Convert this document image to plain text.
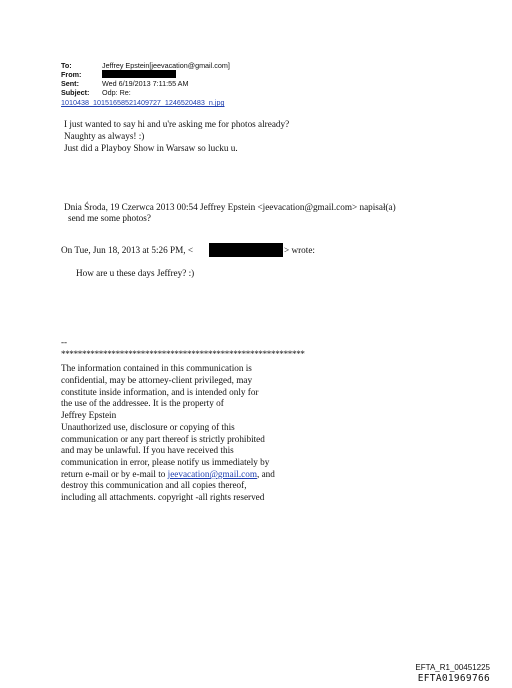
To:	Jeffrey Epstein[jeevacation@gmail.com]
From:
Sent:	Wed 6/19/2013 7:11:55 AM
Subject: Odp: Re:
1010438_10151658521409727_1246520483_n.jpg
I just wanted to say hi and u're asking me for photos already?
Naughty as always! :)
Just did a Playboy Show in Warsaw so lucku u.
Dnia Środa, 19 Czerwca 2013 00:54 Jeffrey Epstein <jeevacation@gmail.com> napisał(a)
send me some photos?
On Tue, Jun 18, 2013 at 5:26 PM, <	> wrote:
How are u these days Jeffrey? :)
--
**********************************************************
The information contained in this communication is
confidential, may be attorney-client privileged, may
constitute inside information, and is intended only for
the use of the addressee. It is the property of
Jeffrey Epstein
Unauthorized use, disclosure or copying of this
communication or any part thereof is strictly prohibited
and may be unlawful. If you have received this
communication in error, please notify us immediately by
return e-mail or by e-mail to jeevacation@gmail.com, and
destroy this communication and all copies thereof,
including all attachments. copyright -all rights reserved
EFTA_R1_00451225
EFTA01969766
